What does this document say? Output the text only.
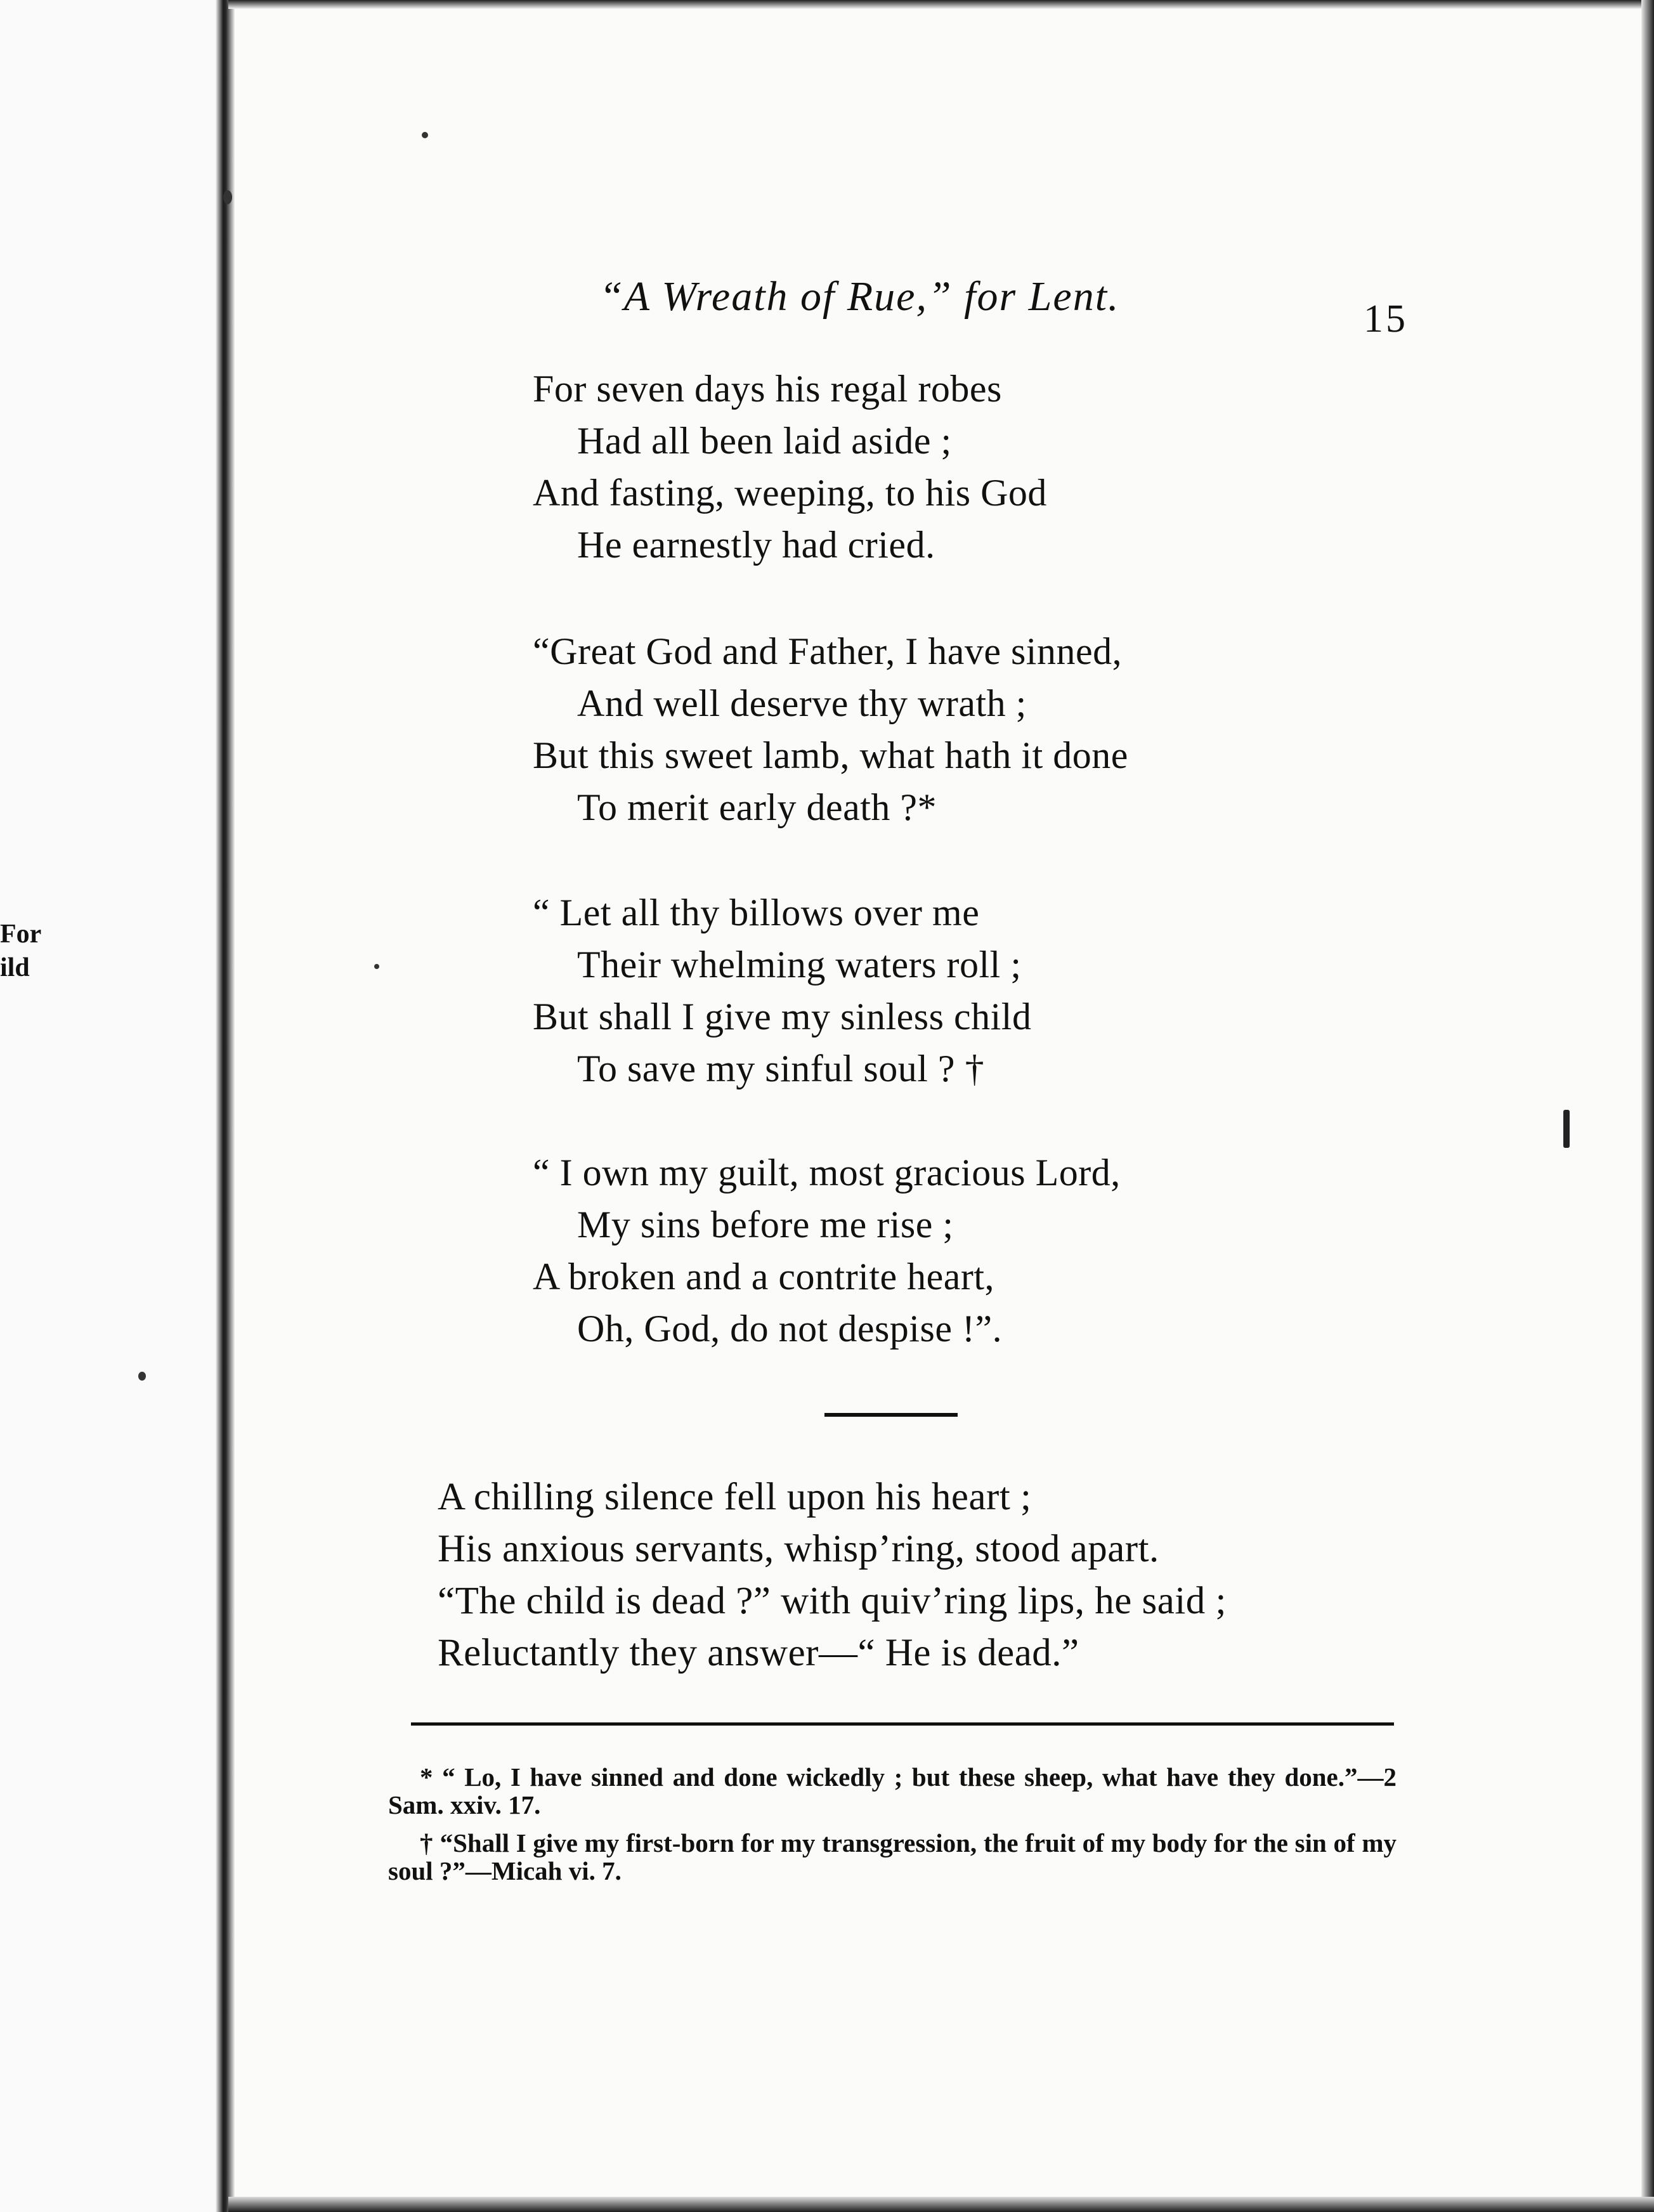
For
ild
“A Wreath of Rue,” for Lent.	15
For seven days his regal robes
Had all been laid aside ;
And fasting, weeping, to his God
He earnestly had cried.
“Great God and Father, I have sinned,
And well deserve thy wrath ;
But this sweet lamb, what hath it done
To merit early death ?*
“ Let all thy billows over me
Their whelming waters roll ;
But shall I give my sinless child
To save my sinful soul ? †
“ I own my guilt, most gracious Lord,
My sins before me rise ;
A broken and a contrite heart,
Oh, God, do not despise !”.
A chilling silence fell upon his heart ;
His anxious servants, whisp’ring, stood apart.
“The child is dead ?” with quiv’ring lips, he said ;
Reluctantly they answer—“ He is dead.”

* “ Lo, I have sinned and done wickedly ; but these sheep, what have they done.”—2 Sam. xxiv. 17.

† “Shall I give my first-born for my transgression, the fruit of my body for the sin of my soul ?”—Micah vi. 7.
